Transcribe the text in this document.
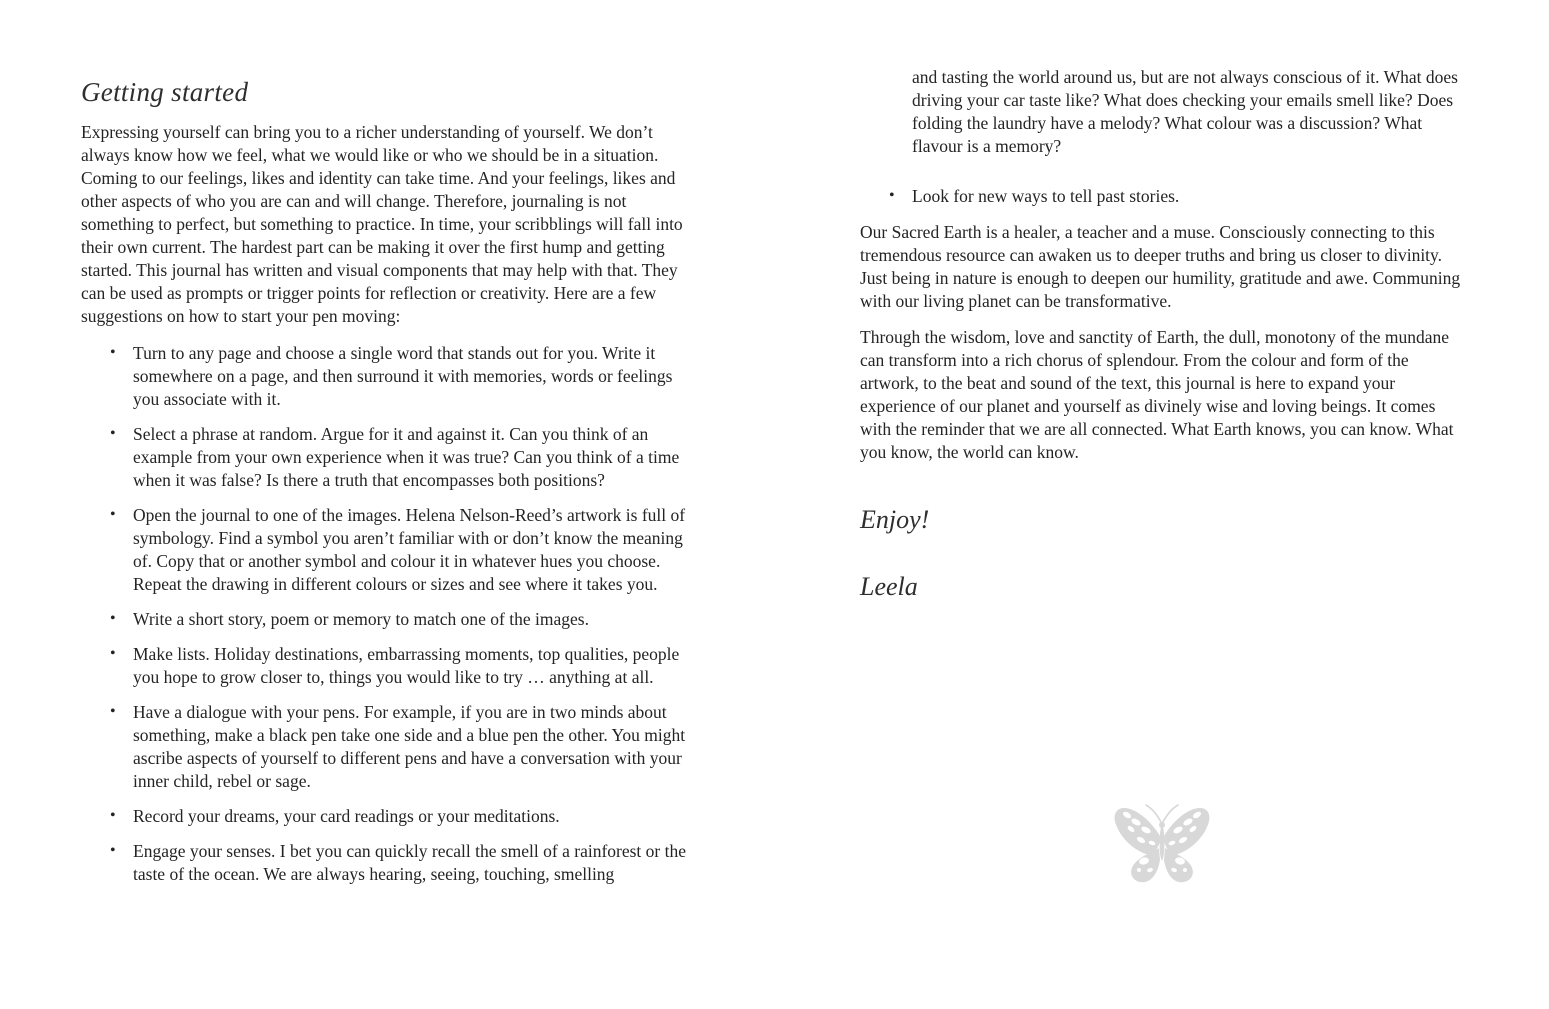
Getting started

Expressing yourself can bring you to a richer understanding of yourself. We don’t always know how we feel, what we would like or who we should be in a situation. Coming to our feelings, likes and identity can take time. And your feelings, likes and other aspects of who you are can and will change. Therefore, journaling is not something to perfect, but something to practice. In time, your scribblings will fall into their own current. The hardest part can be making it over the first hump and getting started. This journal has written and visual components that may help with that. They can be used as prompts or trigger points for reflection or creativity. Here are a few suggestions on how to start your pen moving:

• Turn to any page and choose a single word that stands out for you. Write it somewhere on a page, and then surround it with memories, words or feelings you associate with it.
• Select a phrase at random. Argue for it and against it. Can you think of an example from your own experience when it was true? Can you think of a time when it was false? Is there a truth that encompasses both positions?
• Open the journal to one of the images. Helena Nelson-Reed’s artwork is full of symbology. Find a symbol you aren’t familiar with or don’t know the meaning of. Copy that or another symbol and colour it in whatever hues you choose. Repeat the drawing in different colours or sizes and see where it takes you.
• Write a short story, poem or memory to match one of the images.
• Make lists. Holiday destinations, embarrassing moments, top qualities, people you hope to grow closer to, things you would like to try … anything at all.
• Have a dialogue with your pens. For example, if you are in two minds about something, make a black pen take one side and a blue pen the other. You might ascribe aspects of yourself to different pens and have a conversation with your inner child, rebel or sage.
• Record your dreams, your card readings or your meditations.
• Engage your senses. I bet you can quickly recall the smell of a rainforest or the taste of the ocean. We are always hearing, seeing, touching, smelling

and tasting the world around us, but are not always conscious of it. What does driving your car taste like? What does checking your emails smell like? Does folding the laundry have a melody? What colour was a discussion? What flavour is a memory?

• Look for new ways to tell past stories.

Our Sacred Earth is a healer, a teacher and a muse. Consciously connecting to this tremendous resource can awaken us to deeper truths and bring us closer to divinity. Just being in nature is enough to deepen our humility, gratitude and awe. Communing with our living planet can be transformative.

Through the wisdom, love and sanctity of Earth, the dull, monotony of the mundane can transform into a rich chorus of splendour. From the colour and form of the artwork, to the beat and sound of the text, this journal is here to expand your experience of our planet and yourself as divinely wise and loving beings. It comes with the reminder that we are all connected. What Earth knows, you can know. What you know, the world can know.

Enjoy!
Leela
